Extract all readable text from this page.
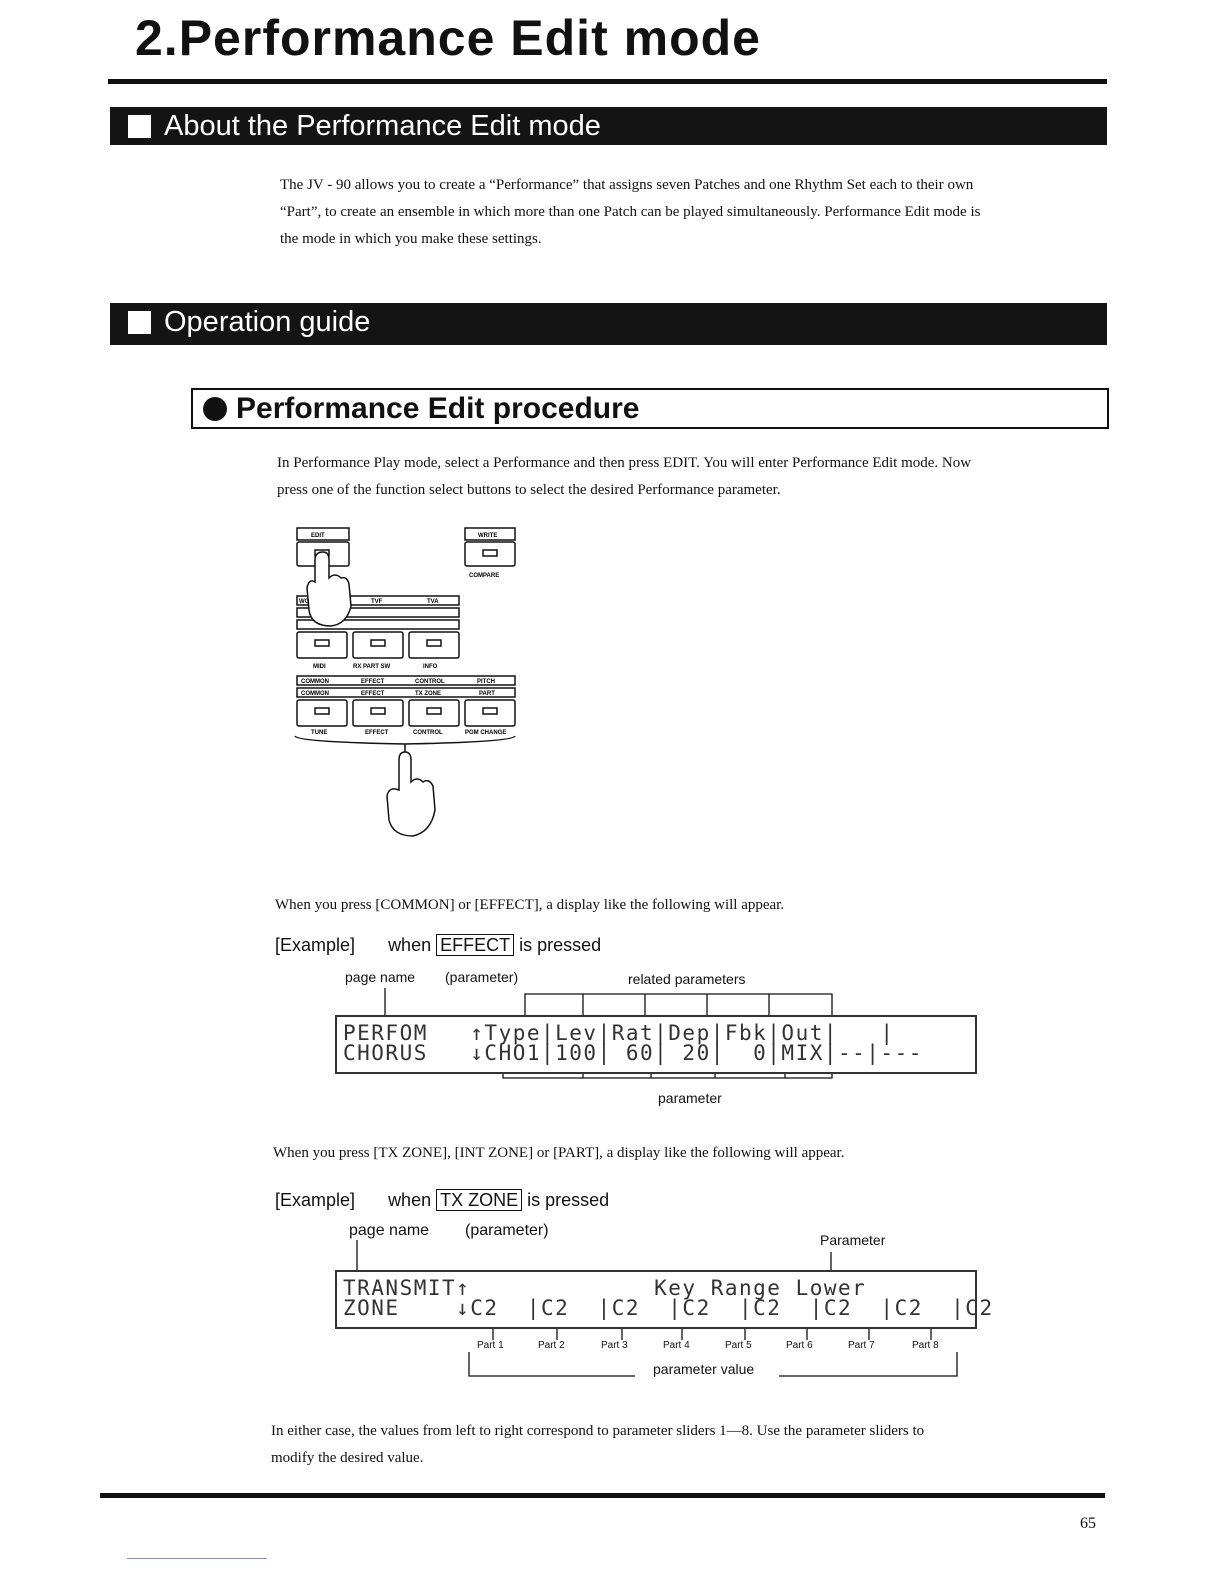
2.Performance Edit mode
About the Performance Edit mode
The JV - 90 allows you to create a “Performance” that assigns seven Patches and one Rhythm Set each to their own
“Part”, to create an ensemble in which more than one Patch can be played simultaneously. Performance Edit mode is
the mode in which you make these settings.
Operation guide
Performance Edit procedure
In Performance Play mode, select a Performance and then press EDIT. You will enter Performance Edit mode. Now
press one of the function select buttons to select the desired Performance parameter.
EDIT	WRITE
COMPARE
WG	TVF	TVA
MIDI	RX PART SW	INFO
COMMON	EFFECT	CONTROL	PITCH
COMMON	EFFECT	TX ZONE	PART
TUNE	EFFECT	CONTROL	PGM CHANGE
When you press [COMMON] or [EFFECT], a display like the following will appear.
[Example] when EFFECT is pressed
page name (parameter)	related parameters
PERFOM   ↑Type|Lev|Rat|Dep|Fbk|Out|   |
CHORUS   ↓CHO1|100| 60| 20|  0|MIX|--|---
parameter
When you press [TX ZONE], [INT ZONE] or [PART], a display like the following will appear.
[Example] when TX ZONE is pressed
page name (parameter)
Parameter
TRANSMIT↑             Key Range Lower
ZONE    ↓C2  |C2  |C2  |C2  |C2  |C2  |C2  |C2
Part 1	Part 2	Part 3	Part 4	Part 5	Part 6	Part 7	Part 8
parameter value
In either case, the values from left to right correspond to parameter sliders 1—8. Use the parameter sliders to
modify the desired value.
65
